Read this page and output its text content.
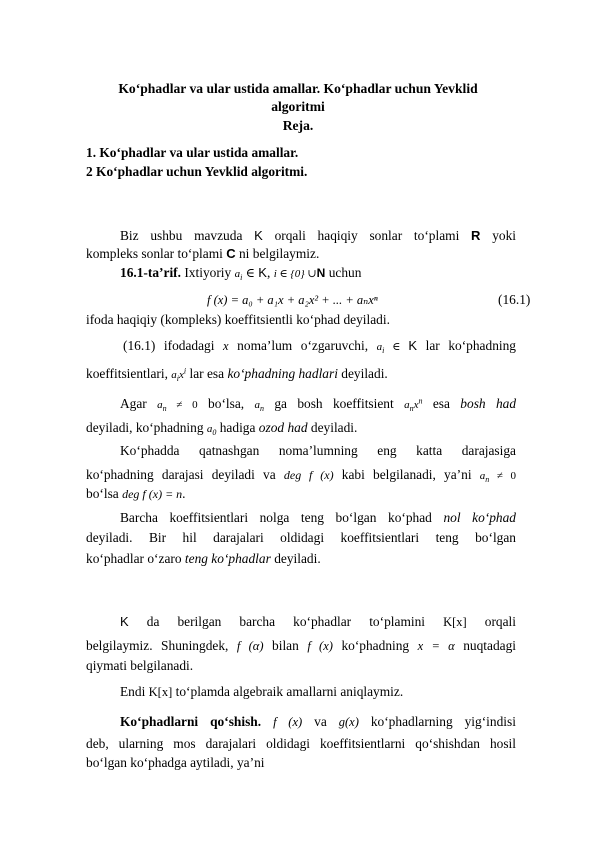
Ko‘phadlar va ular ustida amallar. Ko‘phadlar uchun Yevklid
algoritmi
Reja.
1. Ko‘phadlar va ular ustida amallar.
2 Ko‘phadlar uchun Yevklid algoritmi.
Biz ushbu mavzuda K orqali haqiqiy sonlar to‘plami R yoki
kompleks sonlar to‘plami C ni belgilaymiz.
16.1-ta’rif. Ixtiyoriy $a_i$ ∈ K, i ∈ {0} ∪N uchun
f (x) = a₀ + a₁x + a₂x² + ... + aₙxⁿ	(16.1)
ifoda haqiqiy (kompleks) koeffitsientli ko‘phad deyiladi.
(16.1) ifodadagi x noma’lum o‘zgaruvchi, $a_i$ ∈ K lar ko‘phadning
koeffitsientlari, $a_ix^i$ lar esa ko‘phadning hadlari deyiladi.
Agar $a_n \ne 0$ bo‘lsa, $a_n$ ga bosh koeffitsient $a_nx^n$ esa bosh had
deyiladi, ko‘phadning $a_0$ hadiga ozod had deyiladi.
Ko‘phadda qatnashgan noma’lumning eng katta darajasiga
ko‘phadning darajasi deyiladi va deg f (x) kabi belgilanadi, ya’ni $a_n \ne 0$
bo‘lsa deg f (x) = n.
Barcha koeffitsientlari nolga teng bo‘lgan ko‘phad nol ko‘phad
deyiladi. Bir hil darajalari oldidagi koeffitsientlari teng bo‘lgan
ko‘phadlar o‘zaro teng ko‘phadlar deyiladi.
K da berilgan barcha ko‘phadlar to‘plamini K[x] orqali
belgilaymiz. Shuningdek, f (α) bilan f (x) ko‘phadning x = α nuqtadagi
qiymati belgilanadi.
Endi K[x] to‘plamda algebraik amallarni aniqlaymiz.
Ko‘phadlarni qo‘shish. f (x) va g(x) ko‘phadlarning yig‘indisi
deb, ularning mos darajalari oldidagi koeffitsientlarni qo‘shishdan hosil
bo‘lgan ko‘phadga aytiladi, ya’ni
